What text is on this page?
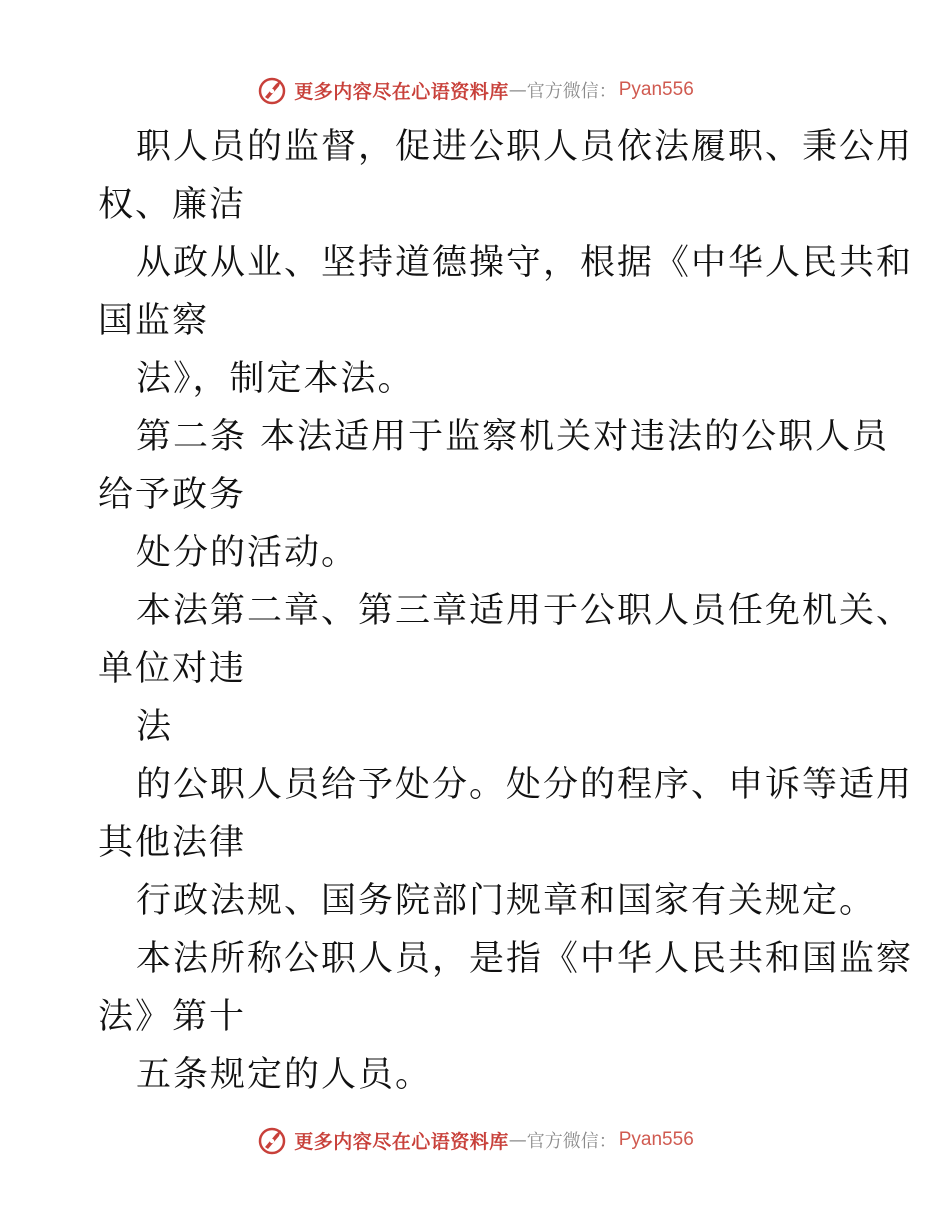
更多内容尽在心语资料库 — 官方微信： Pyan556
职人员的监督，促进公职人员依法履职、秉公用
权、廉洁
从政从业、坚持道德操守，根据《中华人民共和
国监察
法》，制定本法。
第二条 本法适用于监察机关对违法的公职人员
给予政务
处分的活动。
本法第二章、第三章适用于公职人员任免机关、
单位对违
法
的公职人员给予处分。处分的程序、申诉等适用
其他法律
行政法规、国务院部门规章和国家有关规定。
本法所称公职人员，是指《中华人民共和国监察
法》第十
五条规定的人员。
更多内容尽在心语资料库 — 官方微信： Pyan556
